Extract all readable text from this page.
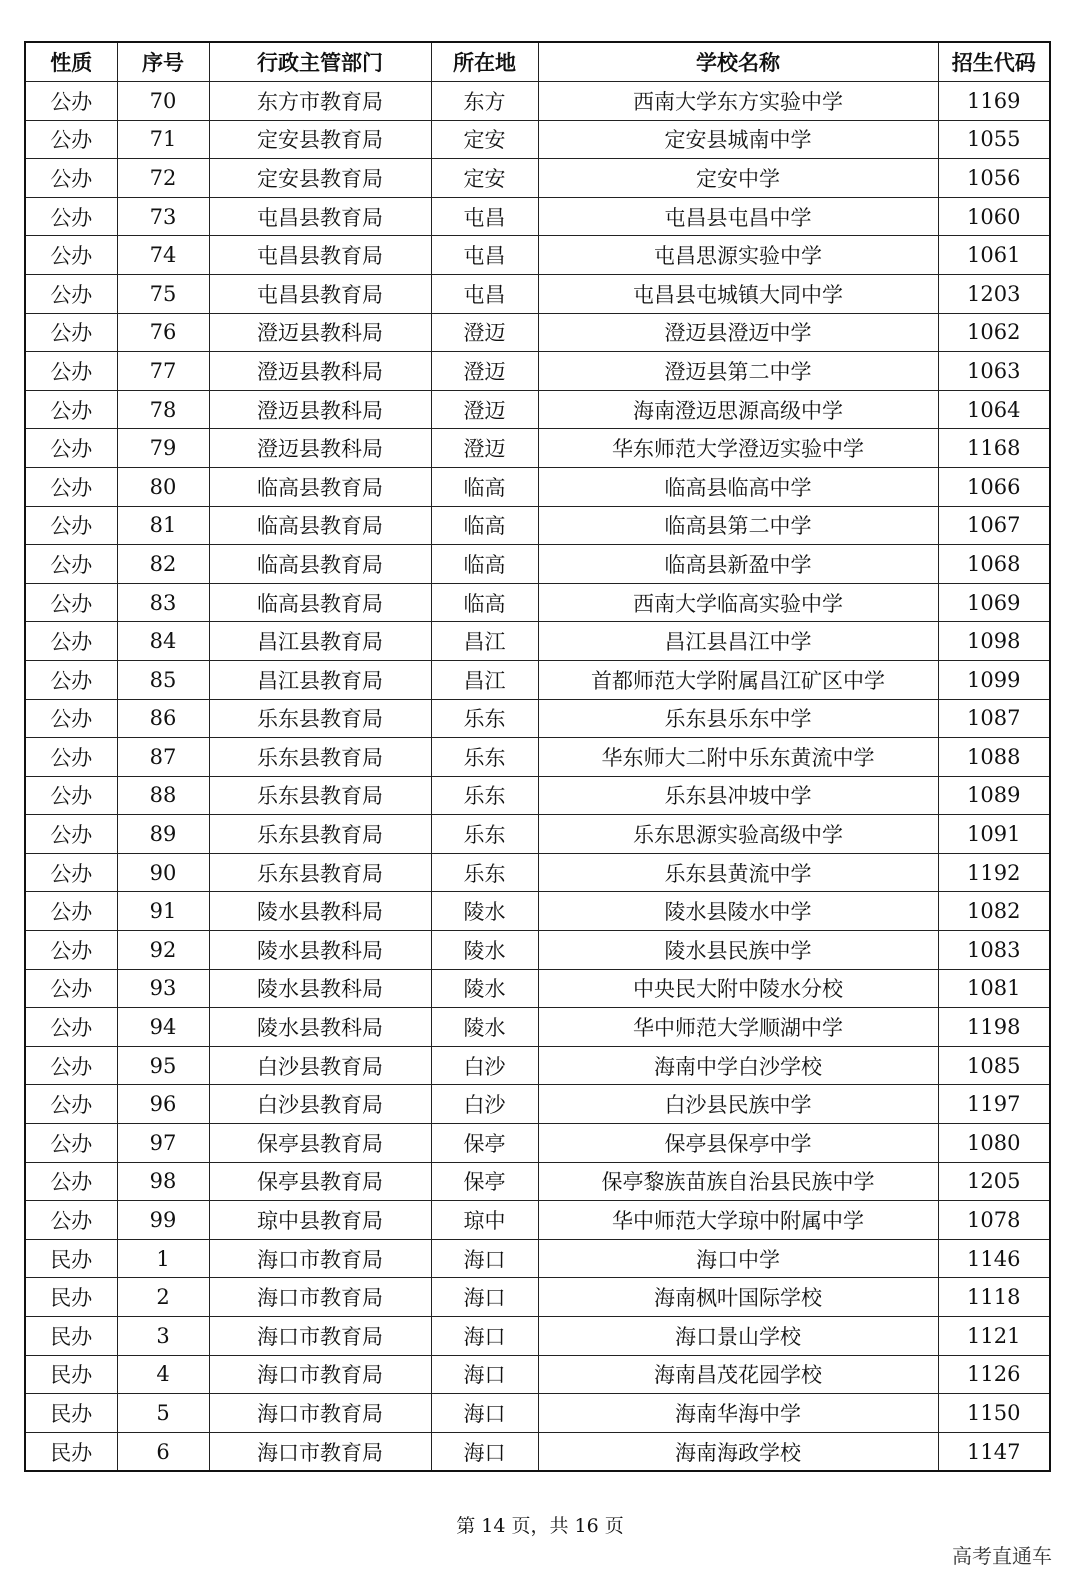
性质	序号	行政主管部门	所在地	学校名称	招生代码
公办	70	东方市教育局	东方	西南大学东方实验中学	1169
公办	71	定安县教育局	定安	定安县城南中学	1055
公办	72	定安县教育局	定安	定安中学	1056
公办	73	屯昌县教育局	屯昌	屯昌县屯昌中学	1060
公办	74	屯昌县教育局	屯昌	屯昌思源实验中学	1061
公办	75	屯昌县教育局	屯昌	屯昌县屯城镇大同中学	1203
公办	76	澄迈县教科局	澄迈	澄迈县澄迈中学	1062
公办	77	澄迈县教科局	澄迈	澄迈县第二中学	1063
公办	78	澄迈县教科局	澄迈	海南澄迈思源高级中学	1064
公办	79	澄迈县教科局	澄迈	华东师范大学澄迈实验中学	1168
公办	80	临高县教育局	临高	临高县临高中学	1066
公办	81	临高县教育局	临高	临高县第二中学	1067
公办	82	临高县教育局	临高	临高县新盈中学	1068
公办	83	临高县教育局	临高	西南大学临高实验中学	1069
公办	84	昌江县教育局	昌江	昌江县昌江中学	1098
公办	85	昌江县教育局	昌江	首都师范大学附属昌江矿区中学	1099
公办	86	乐东县教育局	乐东	乐东县乐东中学	1087
公办	87	乐东县教育局	乐东	华东师大二附中乐东黄流中学	1088
公办	88	乐东县教育局	乐东	乐东县冲坡中学	1089
公办	89	乐东县教育局	乐东	乐东思源实验高级中学	1091
公办	90	乐东县教育局	乐东	乐东县黄流中学	1192
公办	91	陵水县教科局	陵水	陵水县陵水中学	1082
公办	92	陵水县教科局	陵水	陵水县民族中学	1083
公办	93	陵水县教科局	陵水	中央民大附中陵水分校	1081
公办	94	陵水县教科局	陵水	华中师范大学顺湖中学	1198
公办	95	白沙县教育局	白沙	海南中学白沙学校	1085
公办	96	白沙县教育局	白沙	白沙县民族中学	1197
公办	97	保亭县教育局	保亭	保亭县保亭中学	1080
公办	98	保亭县教育局	保亭	保亭黎族苗族自治县民族中学	1205
公办	99	琼中县教育局	琼中	华中师范大学琼中附属中学	1078
民办	1	海口市教育局	海口	海口中学	1146
民办	2	海口市教育局	海口	海南枫叶国际学校	1118
民办	3	海口市教育局	海口	海口景山学校	1121
民办	4	海口市教育局	海口	海南昌茂花园学校	1126
民办	5	海口市教育局	海口	海南华海中学	1150
民办	6	海口市教育局	海口	海南海政学校	1147
第 14 页，共 16 页
高考直通车
